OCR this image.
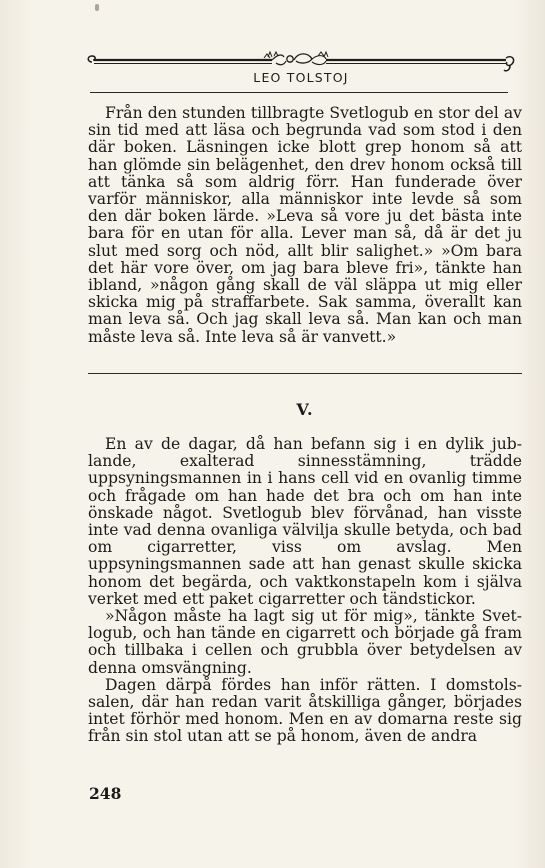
LEO TOLSTOJ

Från den stunden tillbragte Svetlogub en stor del av sin tid med att läsa och begrunda vad som stod i den där boken. Läsningen icke blott grep honom så att han glömde sin belägenhet, den drev honom också till att tänka så som aldrig förr. Han funderade över varför människor, alla människor inte levde så som den där boken lärde. »Leva så vore ju det bästa inte bara för en utan för alla. Lever man så, då är det ju slut med sorg och nöd, allt blir salighet.» »Om bara det här vore över, om jag bara bleve fri», tänkte han ibland, »någon gång skall de väl släppa ut mig eller skicka mig på straffarbete. Sak samma, överallt kan man leva så. Och jag skall leva så. Man kan och man måste leva så. Inte leva så är vanvett.»

V.

En av de dagar, då han befann sig i en dylik jublande, exalterad sinnesstämning, trädde uppsyningsmannen in i hans cell vid en ovanlig timme och frågade om han hade det bra och om han inte önskade något. Svetlogub blev förvånad, han visste inte vad denna ovanliga välvilja skulle betyda, och bad om cigarretter, viss om avslag. Men uppsyningsmannen sade att han genast skulle skicka honom det begärda, och vaktkonstapeln kom i själva verket med ett paket cigarretter och tändstickor.

»Någon måste ha lagt sig ut för mig», tänkte Svetlogub, och han tände en cigarrett och började gå fram och tillbaka i cellen och grubbla över betydelsen av denna omsvängning.

Dagen därpå fördes han inför rätten. I domstolssalen, där han redan varit åtskilliga gånger, börjades intet förhör med honom. Men en av domarna reste sig från sin stol utan att se på honom, även de andra

248
